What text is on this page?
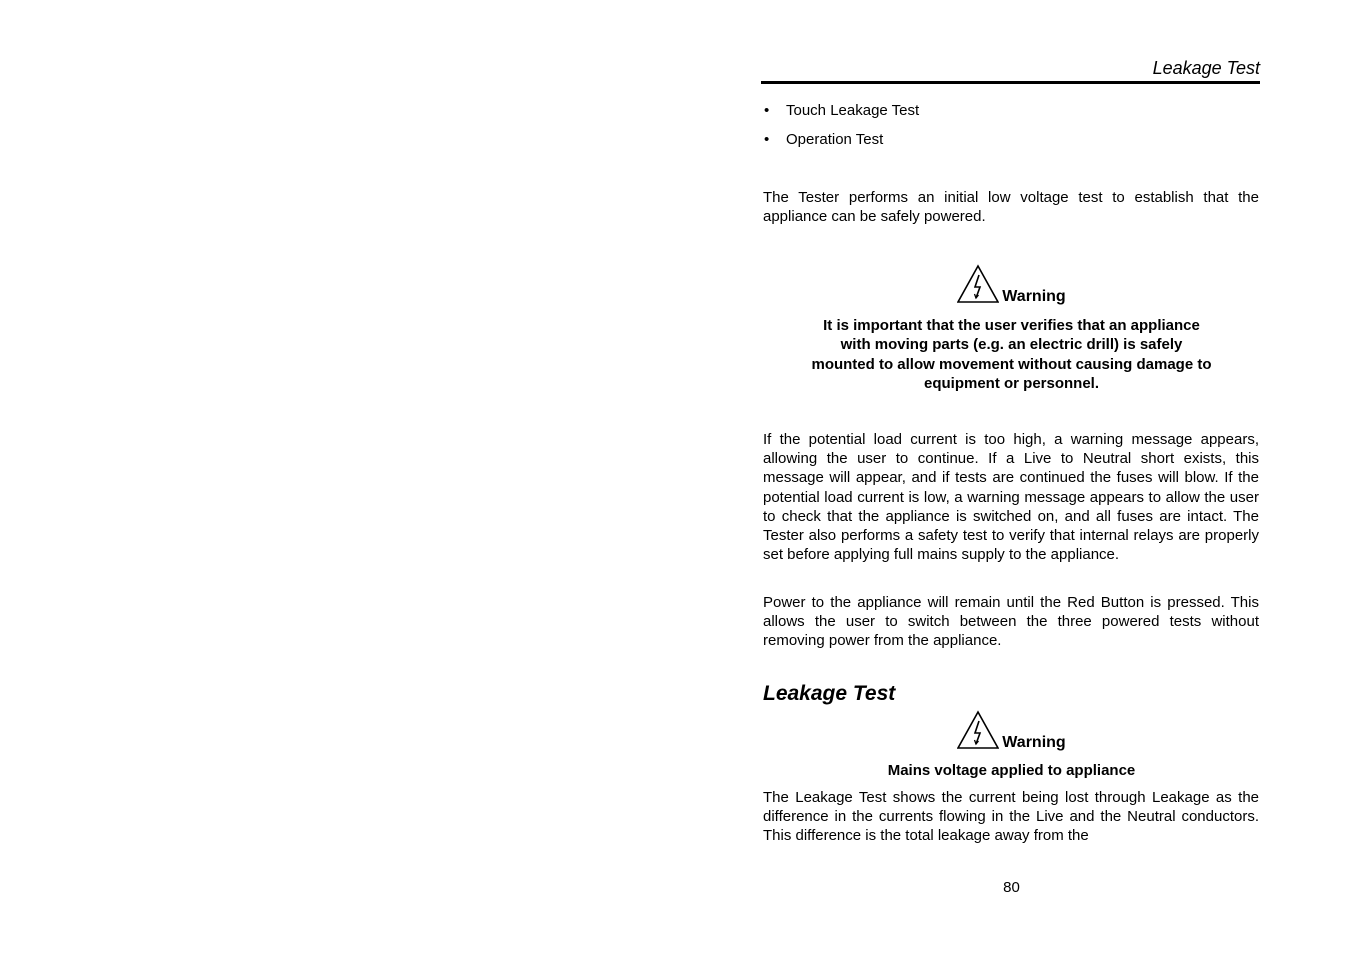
Leakage Test
• Touch Leakage Test
• Operation Test

The Tester performs an initial low voltage test to establish that the appliance can be safely powered.

Warning
It is important that the user verifies that an appliance
with moving parts (e.g. an electric drill) is safely
mounted to allow movement without causing damage to
equipment or personnel.

If the potential load current is too high, a warning message appears, allowing the user to continue. If a Live to Neutral short exists, this message will appear, and if tests are continued the fuses will blow. If the potential load current is low, a warning message appears to allow the user to check that the appliance is switched on, and all fuses are intact. The Tester also performs a safety test to verify that internal relays are properly set before applying full mains supply to the appliance.

Power to the appliance will remain until the Red Button is pressed. This allows the user to switch between the three powered tests without removing power from the appliance.

Leakage Test
Warning
Mains voltage applied to appliance

The Leakage Test shows the current being lost through Leakage as the difference in the currents flowing in the Live and the Neutral conductors. This difference is the total leakage away from the

80
